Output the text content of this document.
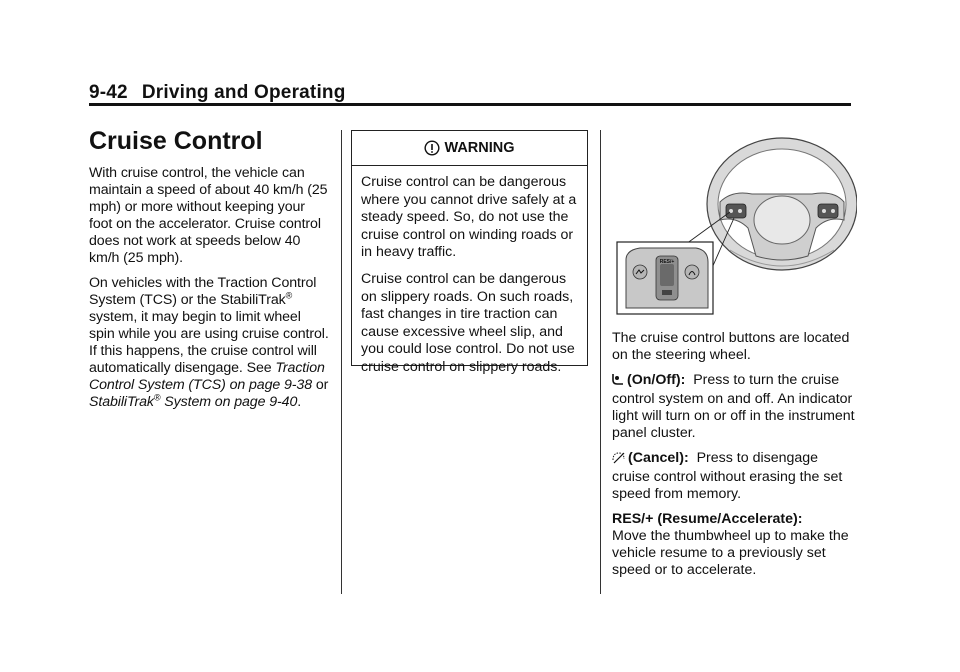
9-42 Driving and Operating
Cruise Control

With cruise control, the vehicle can maintain a speed of about 40 km/h (25 mph) or more without keeping your foot on the accelerator. Cruise control does not work at speeds below 40 km/h (25 mph).

On vehicles with the Traction Control System (TCS) or the StabiliTrak® system, it may begin to limit wheel spin while you are using cruise control. If this happens, the cruise control will automatically disengage. See Traction Control System (TCS) on page 9-38 or
StabiliTrak® System on page 9-40.

WARNING

Cruise control can be dangerous where you cannot drive safely at a steady speed. So, do not use the cruise control on winding roads or in heavy traffic.

Cruise control can be dangerous on slippery roads. On such roads, fast changes in tire traction can cause excessive wheel slip, and you could lose control. Do not use cruise control on slippery roads.

RES/+

The cruise control buttons are located on the steering wheel.

(On/Off): Press to turn the cruise control system on and off. An indicator light will turn on or off in the instrument panel cluster.

(Cancel): Press to disengage cruise control without erasing the set speed from memory.

RES/+ (Resume/Accelerate):
Move the thumbwheel up to make the vehicle resume to a previously set speed or to accelerate.
